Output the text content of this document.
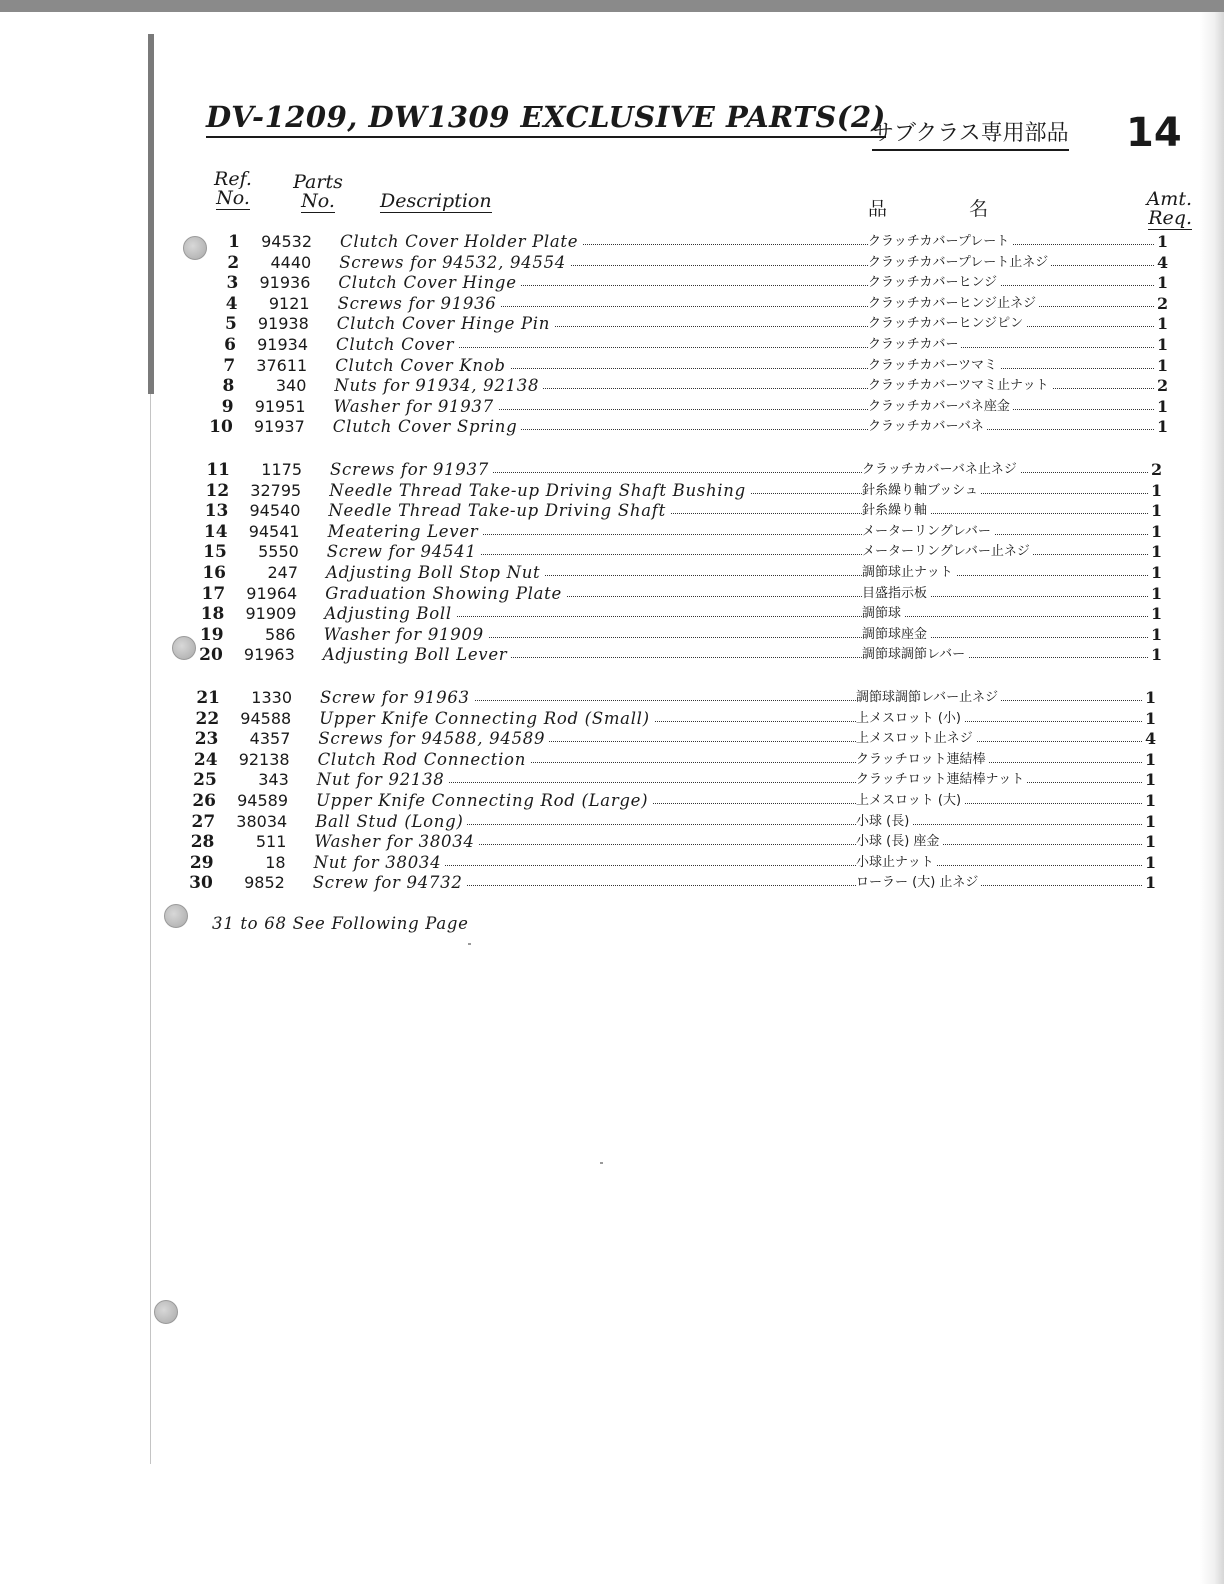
DV-1209, DW1309 EXCLUSIVE PARTS(2)
サブクラス専用部品 14
Ref.
No.
Parts
No.	Description	品	名	Amt.
Req.
1	94532 Clutch Cover Holder Plate	クラッチカバープレート	1
2	4440 Screws for 94532, 94554	クラッチカバープレート止ネジ	4
3	91936 Clutch Cover Hinge	クラッチカバーヒンジ	1
4	9121 Screws for 91936	クラッチカバーヒンジ止ネジ	2
5	91938 Clutch Cover Hinge Pin	クラッチカバーヒンジピン	1
6	91934 Clutch Cover	クラッチカバー	1
7	37611 Clutch Cover Knob	クラッチカバーツマミ	1
8	340 Nuts for 91934, 92138	クラッチカバーツマミ止ナット	2
9	91951 Washer for 91937	クラッチカバーバネ座金	1
10	91937 Clutch Cover Spring	クラッチカバーバネ	1
11	1175 Screws for 91937	クラッチカバーバネ止ネジ	2
12	32795 Needle Thread Take-up Driving Shaft Bushing	針糸繰り軸ブッシュ	1
13	94540 Needle Thread Take-up Driving Shaft	針糸繰り軸	1
14	94541 Meatering Lever	メーターリングレバー	1
15	5550 Screw for 94541	メーターリングレバー止ネジ	1
16	247 Adjusting Boll Stop Nut	調節球止ナット	1
17	91964 Graduation Showing Plate	目盛指示板	1
18	91909 Adjusting Boll	調節球	1
19	586 Washer for 91909	調節球座金	1
20	91963 Adjusting Boll Lever	調節球調節レバー	1
21	1330 Screw for 91963	調節球調節レバー止ネジ	1
22	94588 Upper Knife Connecting Rod (Small)	上メスロット (小)	1
23	4357 Screws for 94588, 94589	上メスロット止ネジ	4
24	92138 Clutch Rod Connection	クラッチロット連結棒	1
25	343 Nut for 92138	クラッチロット連結棒ナット	1
26	94589 Upper Knife Connecting Rod (Large)	上メスロット (大)	1
27	38034 Ball Stud (Long)	小球 (長)	1
28	511 Washer for 38034	小球 (長) 座金	1
29	18 Nut for 38034	小球止ナット	1
30	9852 Screw for 94732	ローラー (大) 止ネジ	1
31 to 68 See Following Page
